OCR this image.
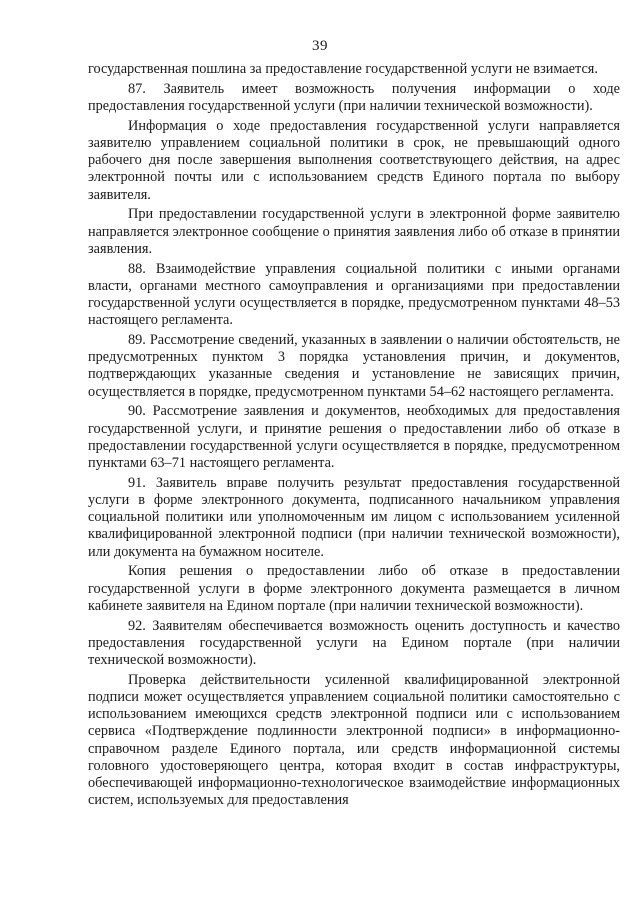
39

государственная пошлина за предоставление государственной услуги не взимается.

87. Заявитель имеет возможность получения информации о ходе предоставления государственной услуги (при наличии технической возможности).

Информация о ходе предоставления государственной услуги направляется заявителю управлением социальной политики в срок, не превышающий одного рабочего дня после завершения выполнения соответствующего действия, на адрес электронной почты или с использованием средств Единого портала по выбору заявителя.

При предоставлении государственной услуги в электронной форме заявителю направляется электронное сообщение о принятия заявления либо об отказе в принятии заявления.

88. Взаимодействие управления социальной политики с иными органами власти, органами местного самоуправления и организациями при предоставлении государственной услуги осуществляется в порядке, предусмотренном пунктами 48–53 настоящего регламента.

89. Рассмотрение сведений, указанных в заявлении о наличии обстоятельств, не предусмотренных пунктом 3 порядка установления причин, и документов, подтверждающих указанные сведения и установление не зависящих причин, осуществляется в порядке, предусмотренном пунктами 54–62 настоящего регламента.

90. Рассмотрение заявления и документов, необходимых для предоставления государственной услуги, и принятие решения о предоставлении либо об отказе в предоставлении государственной услуги осуществляется в порядке, предусмотренном пунктами 63–71 настоящего регламента.

91. Заявитель вправе получить результат предоставления государственной услуги в форме электронного документа, подписанного начальником управления социальной политики или уполномоченным им лицом с использованием усиленной квалифицированной электронной подписи (при наличии технической возможности), или документа на бумажном носителе.

Копия решения о предоставлении либо об отказе в предоставлении государственной услуги в форме электронного документа размещается в личном кабинете заявителя на Едином портале (при наличии технической возможности).

92. Заявителям обеспечивается возможность оценить доступность и качество предоставления государственной услуги на Едином портале (при наличии технической возможности).

Проверка действительности усиленной квалифицированной электронной подписи может осуществляется управлением социальной политики самостоятельно с использованием имеющихся средств электронной подписи или с использованием сервиса «Подтверждение подлинности электронной подписи» в информационно-справочном разделе Единого портала, или средств информационной системы головного удостоверяющего центра, которая входит в состав инфраструктуры, обеспечивающей информационно-технологическое взаимодействие информационных систем, используемых для предоставления
